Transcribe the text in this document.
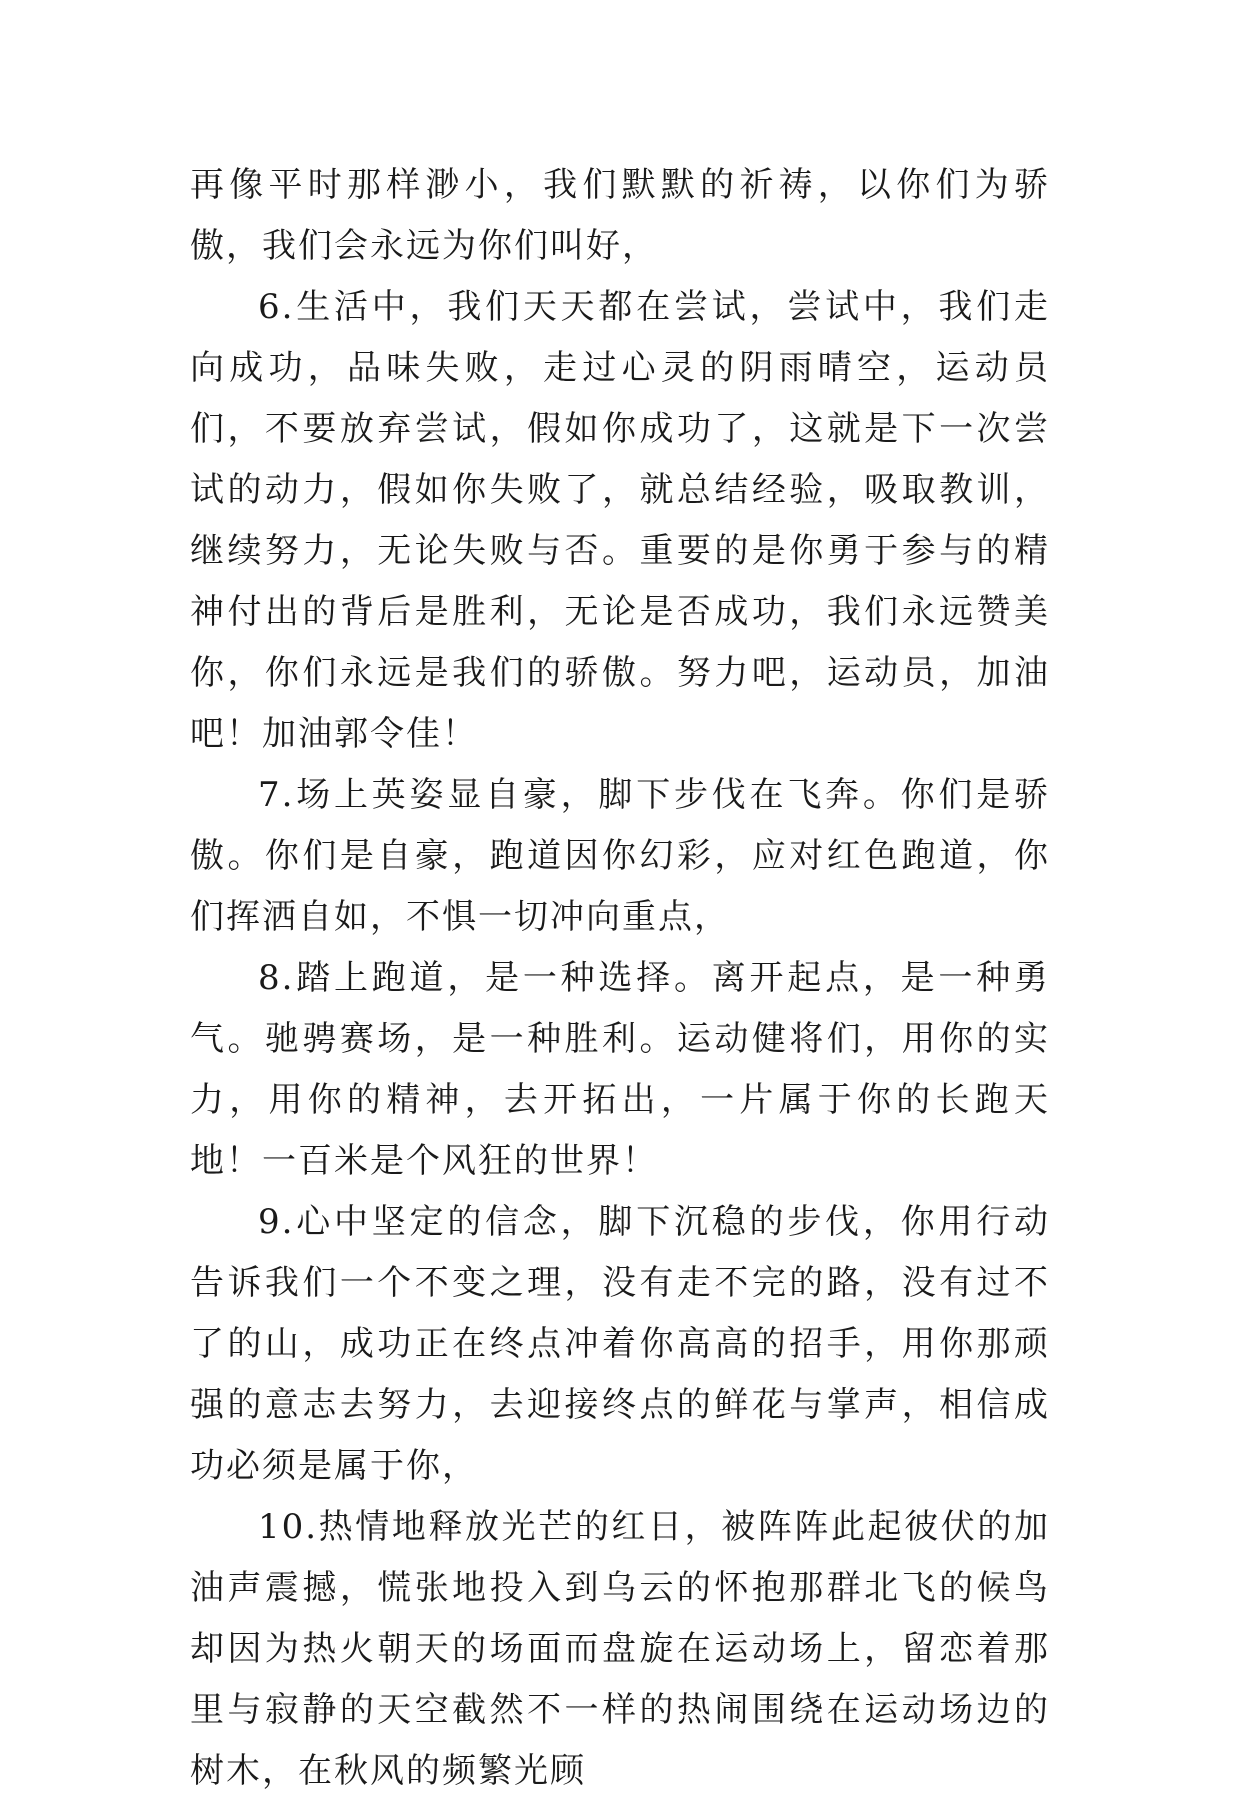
再像平时那样渺小，我们默默的祈祷，以你们为骄傲，我们会永远为你们叫好，

6.生活中，我们天天都在尝试，尝试中，我们走向成功，品味失败，走过心灵的阴雨晴空，运动员们，不要放弃尝试，假如你成功了，这就是下一次尝试的动力，假如你失败了，就总结经验，吸取教训，继续努力，无论失败与否。重要的是你勇于参与的精神付出的背后是胜利，无论是否成功，我们永远赞美你，你们永远是我们的骄傲。努力吧，运动员，加油吧！加油郭令佳！

7.场上英姿显自豪，脚下步伐在飞奔。你们是骄傲。你们是自豪，跑道因你幻彩，应对红色跑道，你们挥洒自如，不惧一切冲向重点，

8.踏上跑道，是一种选择。离开起点，是一种勇气。驰骋赛场，是一种胜利。运动健将们，用你的实力，用你的精神，去开拓出，一片属于你的长跑天地！一百米是个风狂的世界！

9.心中坚定的信念，脚下沉稳的步伐，你用行动告诉我们一个不变之理，没有走不完的路，没有过不了的山，成功正在终点冲着你高高的招手，用你那顽强的意志去努力，去迎接终点的鲜花与掌声，相信成功必须是属于你，

10.热情地释放光芒的红日，被阵阵此起彼伏的加油声震撼，慌张地投入到乌云的怀抱那群北飞的候鸟却因为热火朝天的场面而盘旋在运动场上，留恋着那里与寂静的天空截然不一样的热闹围绕在运动场边的树木，在秋风的频繁光顾
